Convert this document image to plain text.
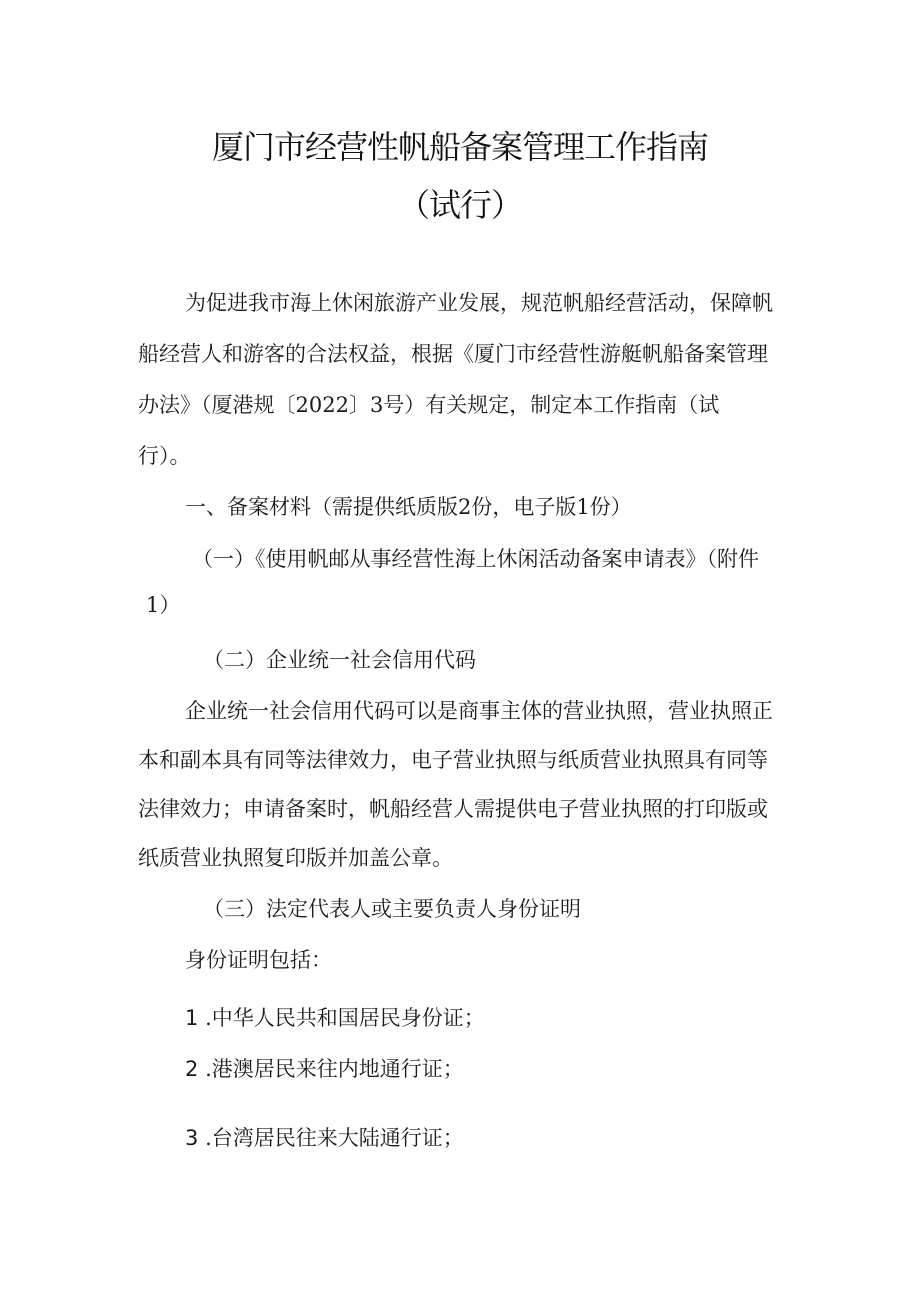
厦门市经营性帆船备案管理工作指南
（试行）
为促进我市海上休闲旅游产业发展，规范帆船经营活动，保障帆
船经营人和游客的合法权益，根据《厦门市经营性游艇帆船备案管理
办法》（厦港规〔2022〕3号）有关规定，制定本工作指南（试
行）。
一、备案材料（需提供纸质版2份，电子版1份）
（一）《使用帆邮从事经营性海上休闲活动备案申请表》（附件
1）
（二）企业统一社会信用代码
企业统一社会信用代码可以是商事主体的营业执照，营业执照正
本和副本具有同等法律效力，电子营业执照与纸质营业执照具有同等
法律效力；申请备案时，帆船经营人需提供电子营业执照的打印版或
纸质营业执照复印版并加盖公章。
（三）法定代表人或主要负责人身份证明
身份证明包括：
1 .中华人民共和国居民身份证；
2 .港澳居民来往内地通行证；
3 .台湾居民往来大陆通行证；
